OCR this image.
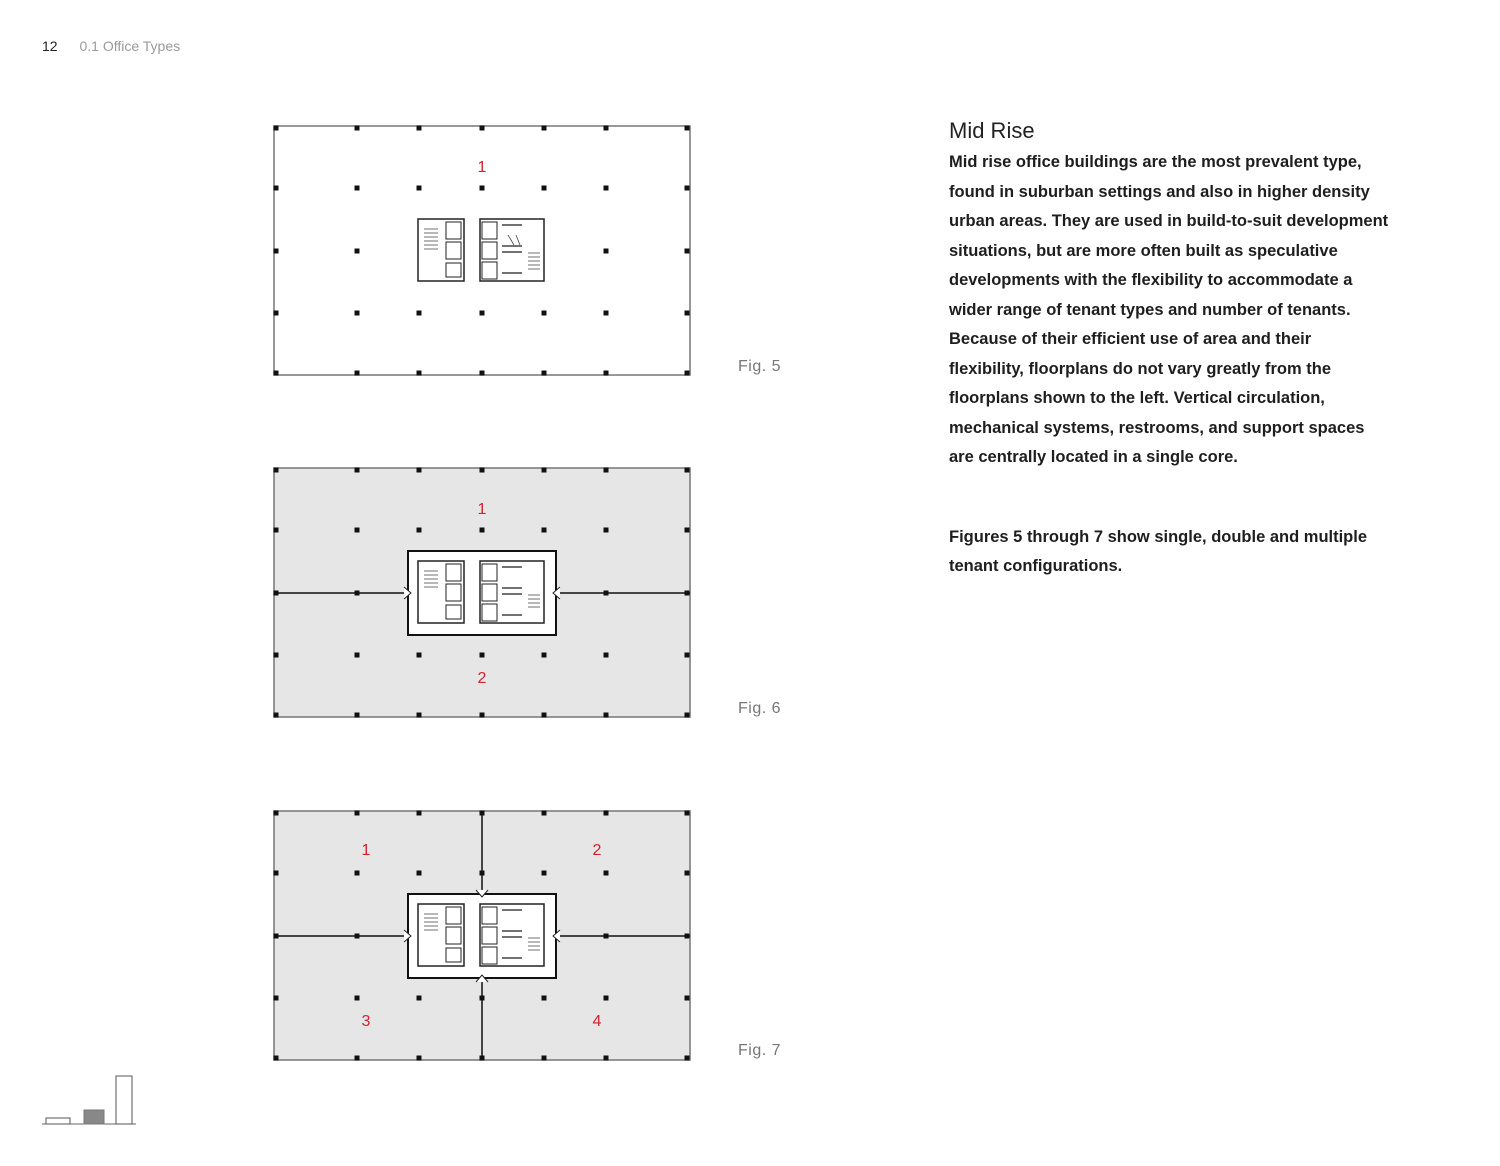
12 0.1 Office Types
1
Fig. 5
1
2
Fig. 6
1	2
3	4
Fig. 7
Mid Rise

Mid rise office buildings are the most prevalent type, found in suburban settings and also in higher density urban areas. They are used in build-to-suit development situations, but are more often built as speculative developments with the flexibility to accommodate a wider range of tenant types and number of tenants. Because of their efficient use of area and their flexibility, floorplans do not vary greatly from the floorplans shown to the left. Vertical circulation, mechanical systems, restrooms, and support spaces are centrally located in a single core.

Figures 5 through 7 show single, double and multiple tenant configurations.
